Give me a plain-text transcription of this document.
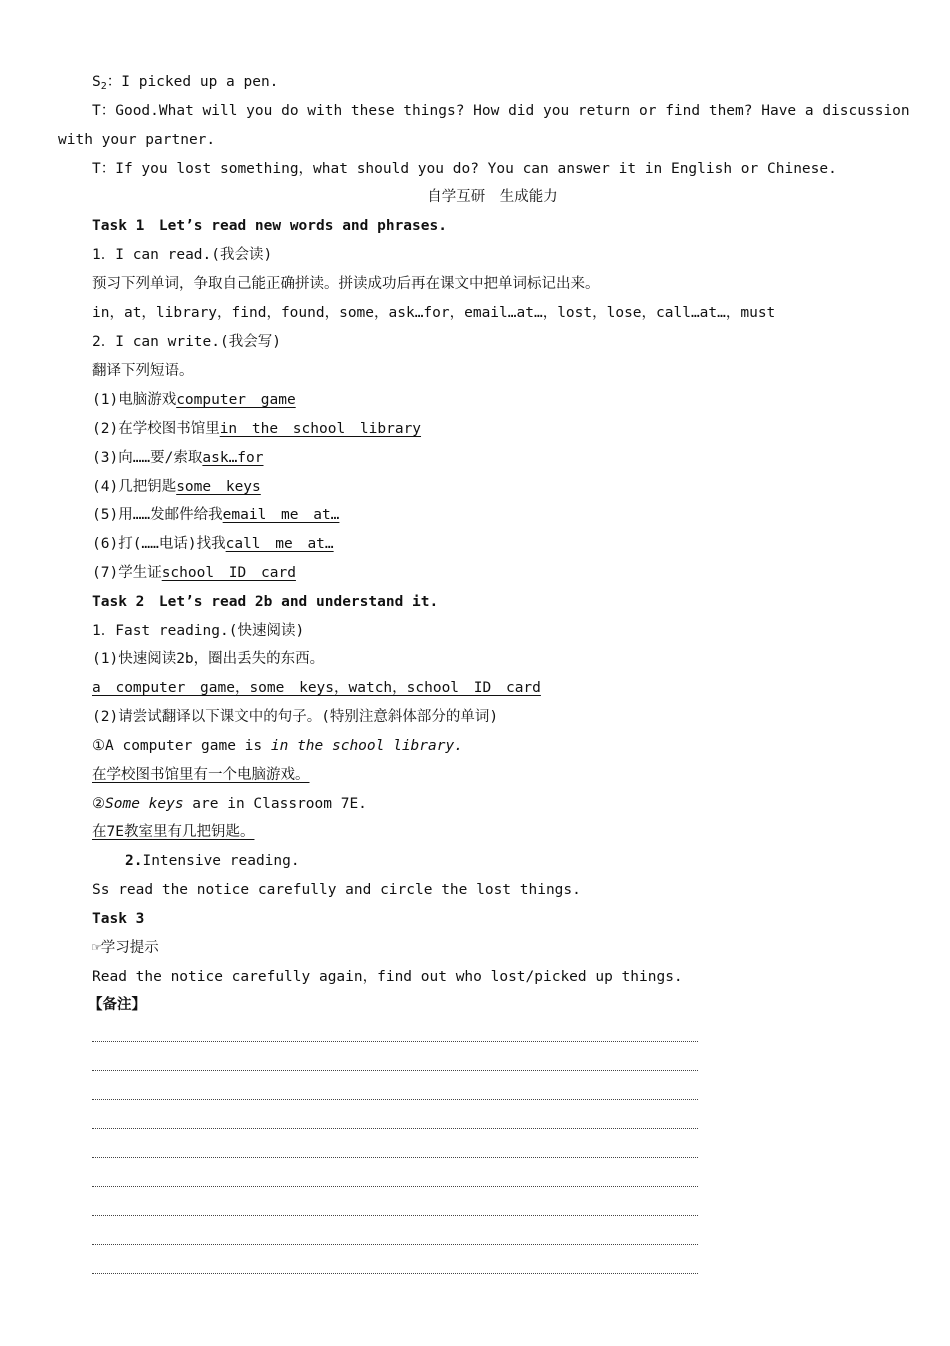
$S_2$：I picked up a pen.
T：Good.What will you do with these things? How did you return or find them? Have a discussion
with your partner.
T：If you lost something，what should you do? You can answer it in English or Chinese.
自学互研　生成能力
Task 1　Let’s read new words and phrases.
1．I can read.(我会读)
预习下列单词，争取自己能正确拼读。拼读成功后再在课文中把单词标记出来。
in，at，library，find，found，some，ask…for，email…at…，lost，lose，call…at…，must
2．I can write.(我会写)
翻译下列短语。
(1)电脑游戏computer game
(2)在学校图书馆里in the school library
(3)向……要/索取ask…for
(4)几把钥匙some keys
(5)用……发邮件给我email me at…
(6)打(……电话)找我call me at…
(7)学生证school ID card
Task 2　Let’s read 2b and understand it.
1．Fast reading.(快速阅读)
(1)快速阅读2b，圈出丢失的东西。
a computer game，some keys，watch，school ID card
(2)请尝试翻译以下课文中的句子。(特别注意斜体部分的单词)
①A computer game is in the school library.
在学校图书馆里有一个电脑游戏。
②Some keys are in Classroom 7E.
在7E教室里有几把钥匙。
2.Intensive reading.
Ss read the notice carefully and circle the lost things.
Task 3
☞学习提示
Read the notice carefully again，find out who lost/picked up things.
【备注】
